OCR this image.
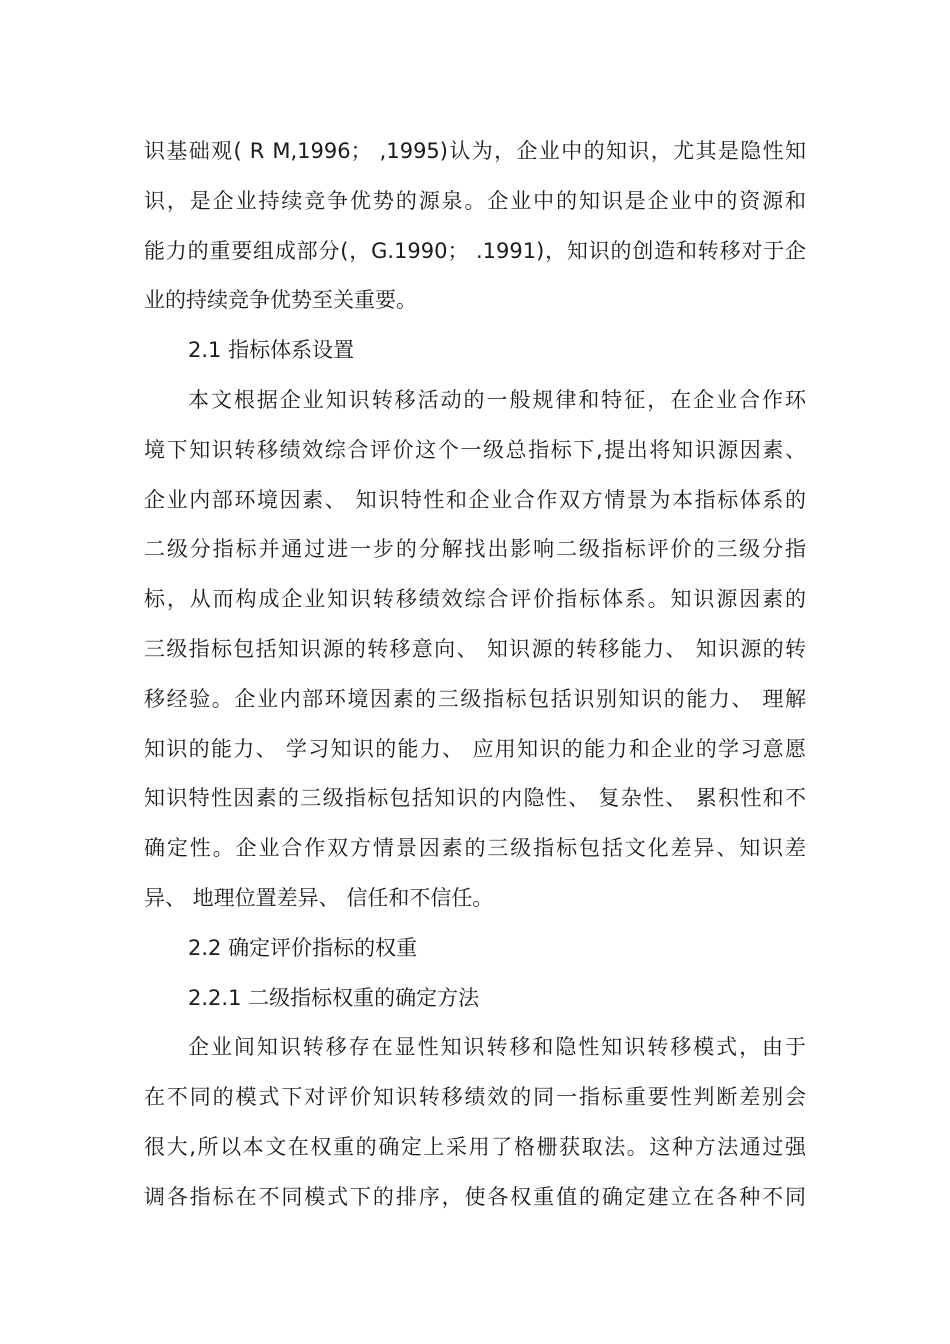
识基础观( R M,1996； ,1995)认为，企业中的知识，尤其是隐性知
识，是企业持续竞争优势的源泉。企业中的知识是企业中的资源和
能力的重要组成部分(，G.1990； .1991)，知识的创造和转移对于企
业的持续竞争优势至关重要。
2.1 指标体系设置
本文根据企业知识转移活动的一般规律和特征，在企业合作环
境下知识转移绩效综合评价这个一级总指标下,提出将知识源因素、
企业内部环境因素、 知识特性和企业合作双方情景为本指标体系的
二级分指标并通过进一步的分解找出影响二级指标评价的三级分指
标，从而构成企业知识转移绩效综合评价指标体系。知识源因素的
三级指标包括知识源的转移意向、 知识源的转移能力、 知识源的转
移经验。企业内部环境因素的三级指标包括识别知识的能力、 理解
知识的能力、 学习知识的能力、 应用知识的能力和企业的学习意愿
知识特性因素的三级指标包括知识的内隐性、 复杂性、 累积性和不
确定性。企业合作双方情景因素的三级指标包括文化差异、知识差
异、 地理位置差异、 信任和不信任。
2.2 确定评价指标的权重
2.2.1 二级指标权重的确定方法
企业间知识转移存在显性知识转移和隐性知识转移模式，由于
在不同的模式下对评价知识转移绩效的同一指标重要性判断差别会
很大,所以本文在权重的确定上采用了格栅获取法。这种方法通过强
调各指标在不同模式下的排序，使各权重值的确定建立在各种不同
